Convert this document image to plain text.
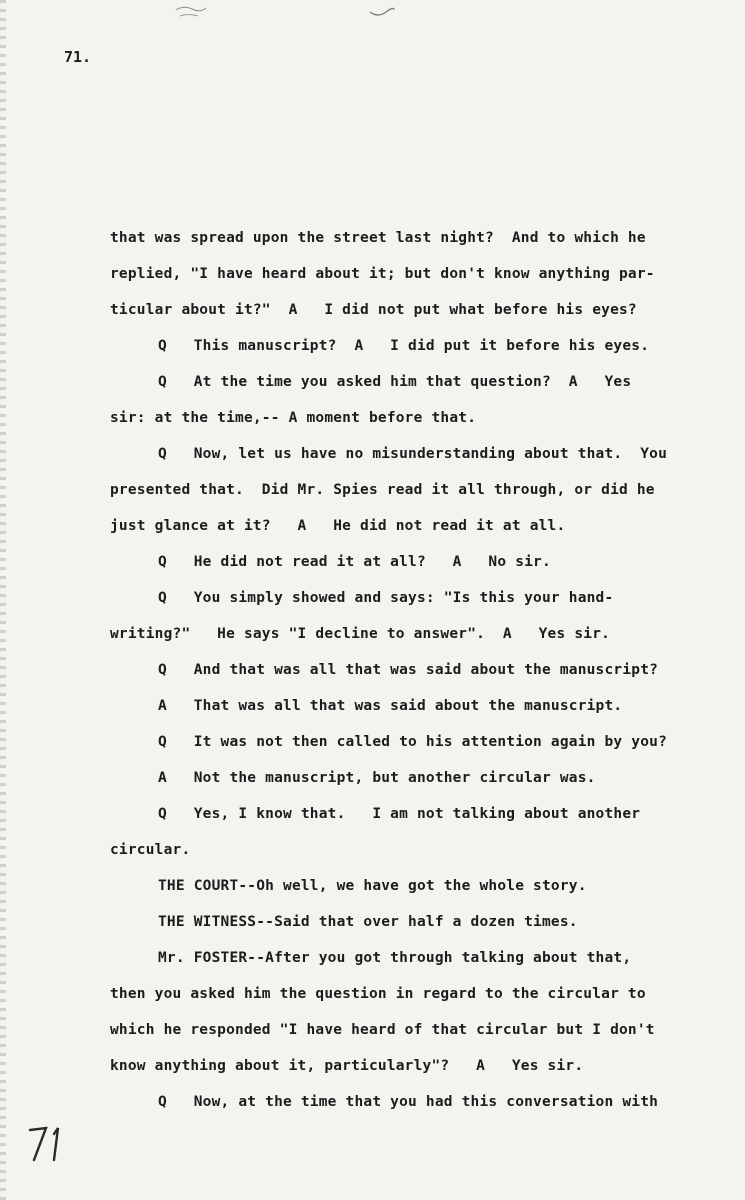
71.
that was spread upon the street last night?  And to which he
replied, "I have heard about it; but don't know anything par-
ticular about it?"  A   I did not put what before his eyes?
Q   This manuscript?  A   I did put it before his eyes.
Q   At the time you asked him that question?  A   Yes
sir: at the time,-- A moment before that.
Q   Now, let us have no misunderstanding about that.  You
presented that.  Did Mr. Spies read it all through, or did he
just glance at it?   A   He did not read it at all.
Q   He did not read it at all?   A   No sir.
Q   You simply showed and says: "Is this your hand-
writing?"   He says "I decline to answer".  A   Yes sir.
Q   And that was all that was said about the manuscript?
A   That was all that was said about the manuscript.
Q   It was not then called to his attention again by you?
A   Not the manuscript, but another circular was.
Q   Yes, I know that.   I am not talking about another
circular.
THE COURT--Oh well, we have got the whole story.
THE WITNESS--Said that over half a dozen times.
Mr. FOSTER--After you got through talking about that,
then you asked him the question in regard to the circular to
which he responded "I have heard of that circular but I don't
know anything about it, particularly"?   A   Yes sir.
Q   Now, at the time that you had this conversation with
